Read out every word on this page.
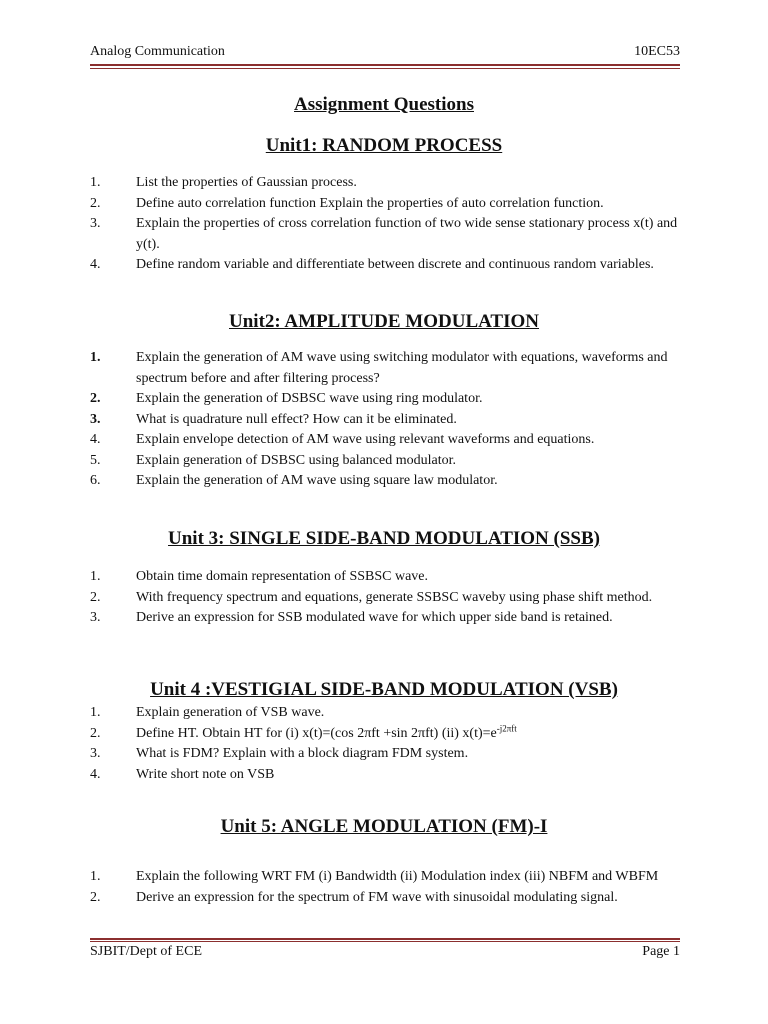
Analog Communication	10EC53
Assignment Questions
Unit1: RANDOM PROCESS
1.	List the properties of Gaussian process.
2.	Define auto correlation function Explain the properties of auto correlation function.
3.	Explain the properties of cross correlation function of two wide sense stationary process x(t) and y(t).
4.	Define random variable and differentiate between discrete and continuous random variables.
Unit2: AMPLITUDE MODULATION
1.	Explain the generation of AM wave using switching modulator with equations, waveforms and spectrum before and after filtering process?
2.	Explain the generation of DSBSC wave using ring modulator.
3.	What is quadrature null effect? How can it be eliminated.
4.	Explain envelope detection of AM wave using relevant waveforms and equations.
5.	Explain generation of DSBSC using balanced modulator.
6.	Explain the generation of AM wave using square law modulator.
Unit 3: SINGLE SIDE-BAND MODULATION (SSB)
1.	Obtain time domain representation of SSBSC wave.
2.	With frequency spectrum and equations, generate SSBSC waveby using phase shift method.
3.	Derive an expression for SSB modulated wave for which upper side band is retained.
Unit 4 :VESTIGIAL SIDE-BAND MODULATION (VSB)
1.	Explain generation of VSB wave.
2.	Define HT. Obtain HT for (i) x(t)=(cos 2πft +sin 2πft) (ii) $x(t)=e^{-j2\pi ft}$
3.	What is FDM? Explain with a block diagram FDM system.
4.	Write short note on VSB
Unit 5: ANGLE MODULATION (FM)-I
1.	Explain the following WRT FM (i) Bandwidth (ii) Modulation index (iii) NBFM and WBFM
2.	Derive an expression for the spectrum of FM wave with sinusoidal modulating signal.
SJBIT/Dept of ECE	Page 1
